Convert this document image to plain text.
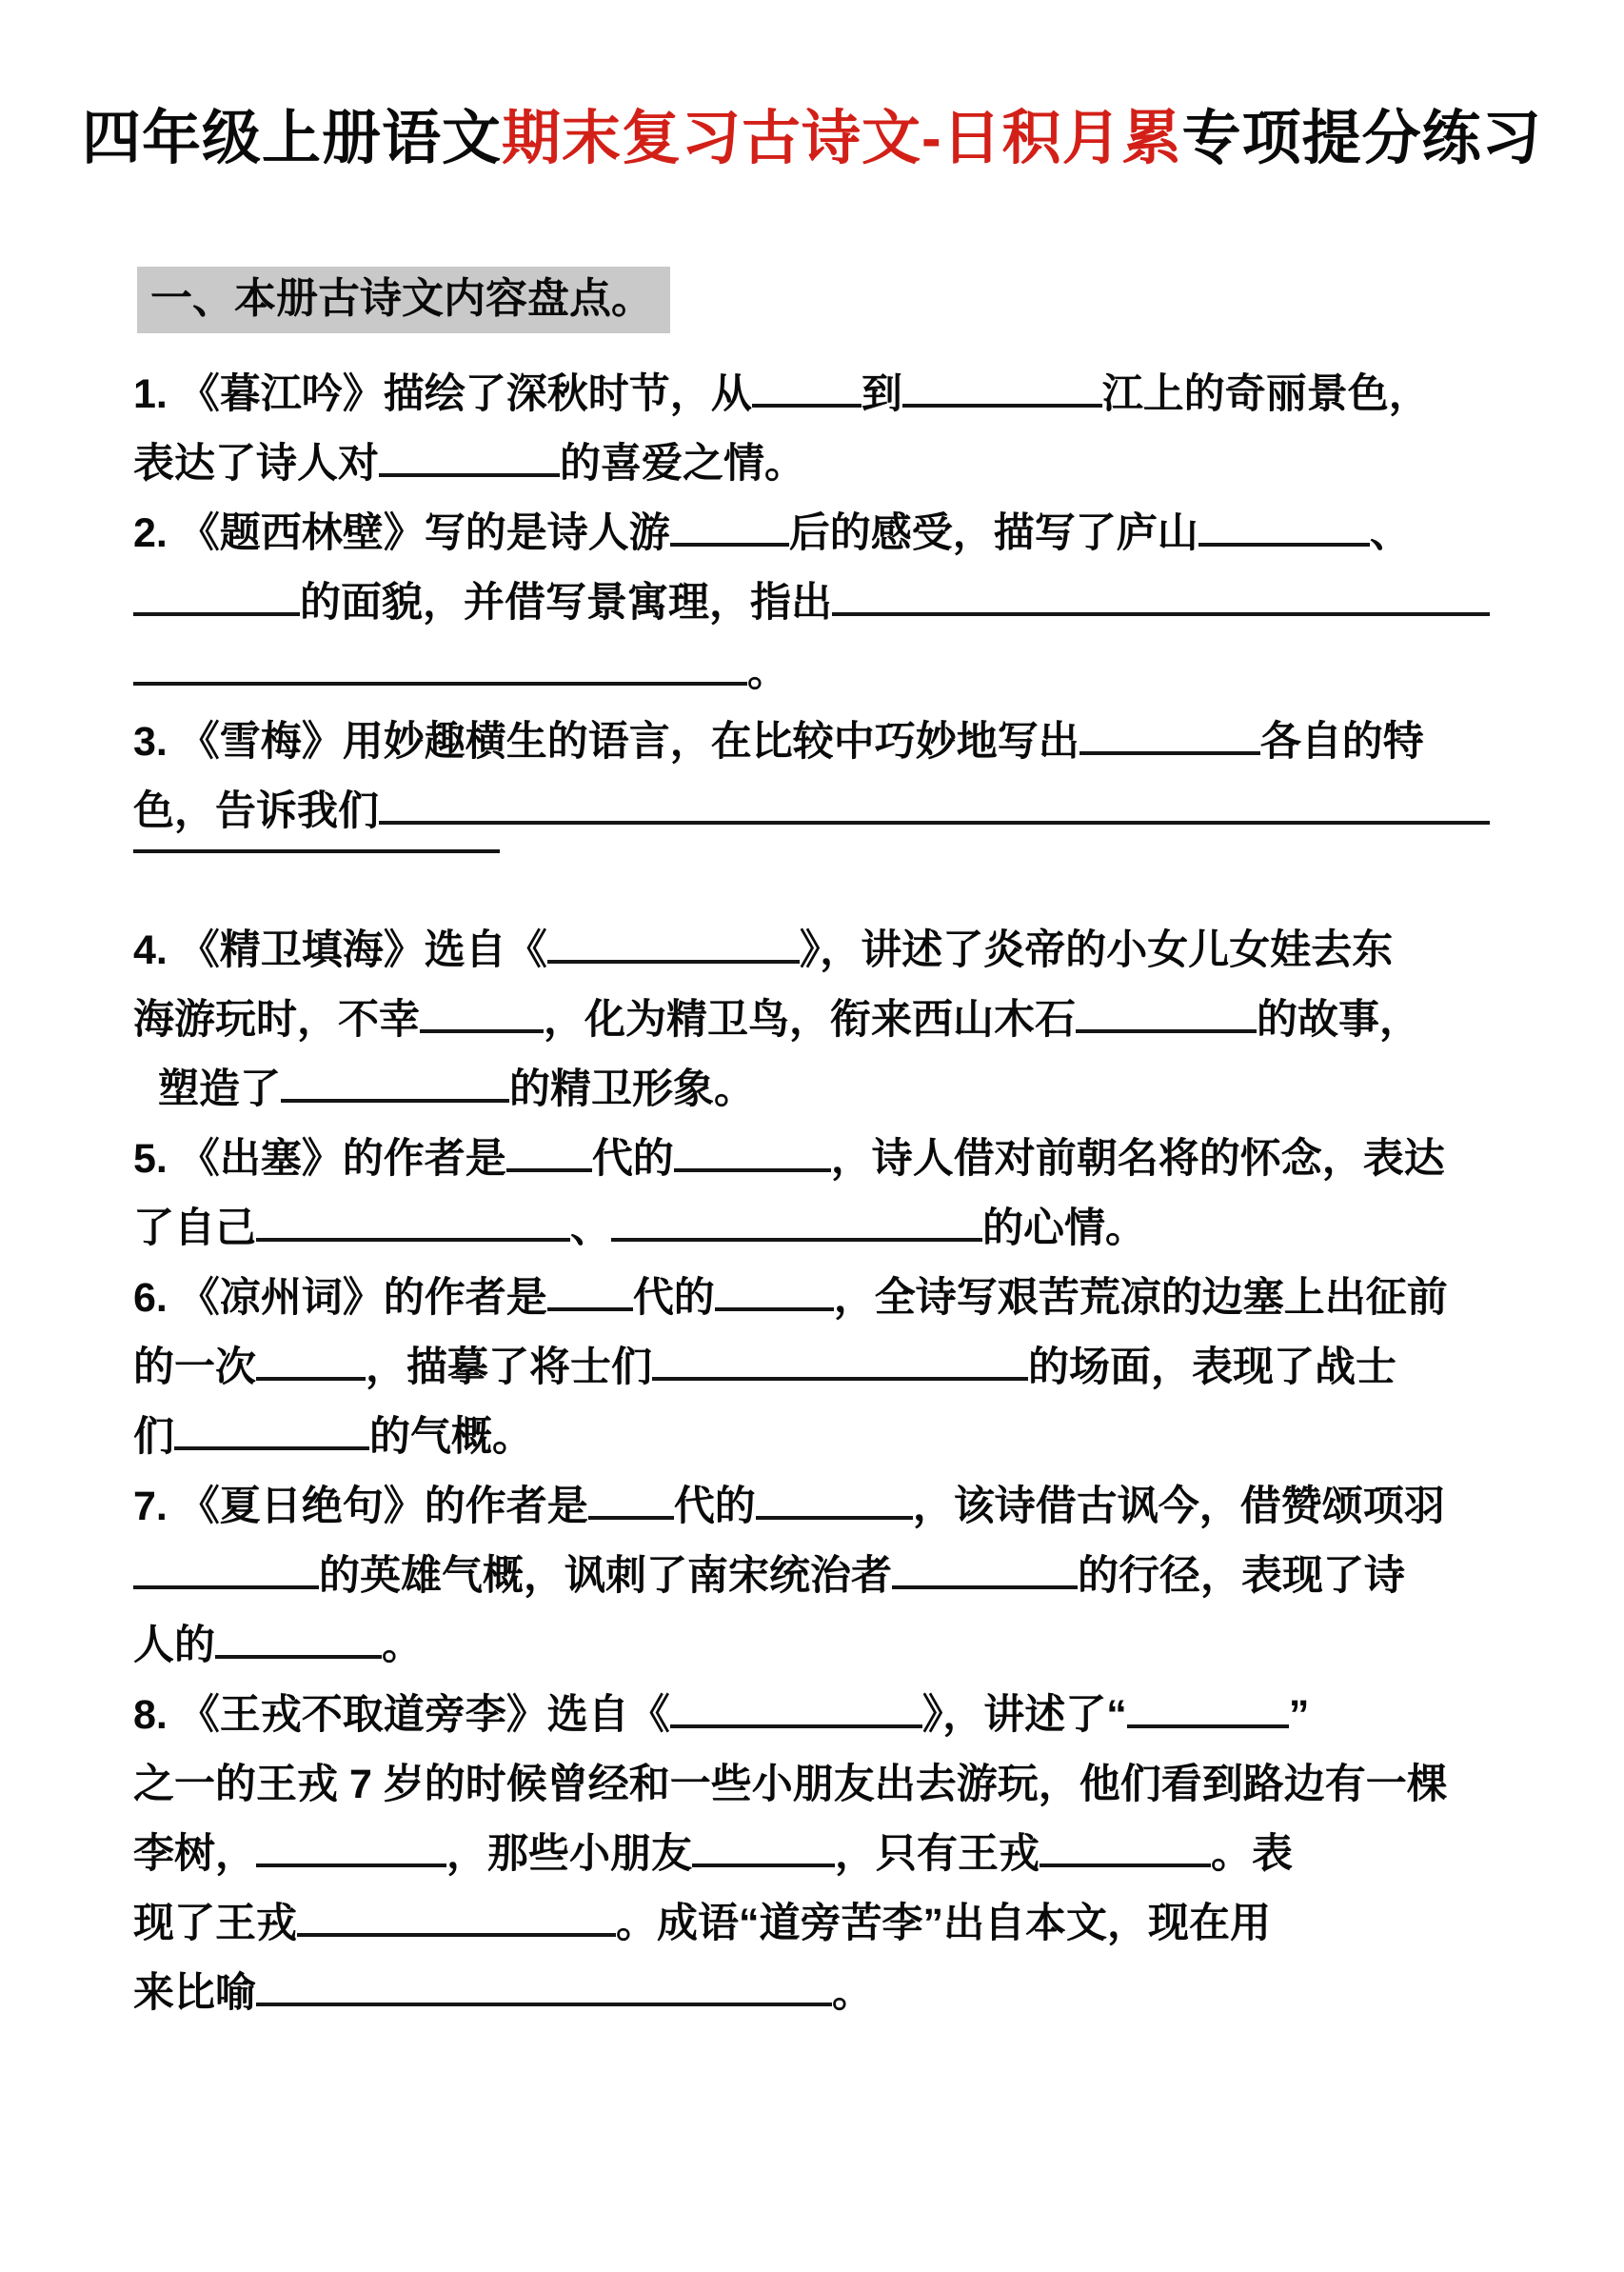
四年级上册语文期末复习古诗文-日积月累专项提分练习
一、本册古诗文内容盘点。
1. 《暮江吟》描绘了深秋时节，从	到	江上的奇丽景色，
表达了诗人对	的喜爱之情。
2. 《题西林壁》写的是诗人游	后的感受，描写了庐山	、
的面貌，并借写景寓理，指出
。
3. 《雪梅》用妙趣横生的语言，在比较中巧妙地写出	各自的特
色，告诉我们
4. 《精卫填海》选自《	》，讲述了炎帝的小女儿女娃去东
海游玩时，不幸	，化为精卫鸟，衔来西山木石	的故事，
塑造了	的精卫形象。
5. 《出塞》的作者是 代的	，诗人借对前朝名将的怀念，表达
了自己	、	的心情。
6. 《凉州词》的作者是 代的	，全诗写艰苦荒凉的边塞上出征前
的一次	，描摹了将士们	的场面，表现了战士
们	的气概。
7. 《夏日绝句》的作者是 代的	，该诗借古讽今，借赞颂项羽
的英雄气概，讽刺了南宋统治者	的行径，表现了诗
人的	。
8. 《王戎不取道旁李》选自《	》，讲述了“	”
之一的王戎 7 岁的时候曾经和一些小朋友出去游玩，他们看到路边有一棵
李树，	，那些小朋友	，只有王戎	。表
现了王戎	。成语“道旁苦李”出自本文，现在用
来比喻	。
